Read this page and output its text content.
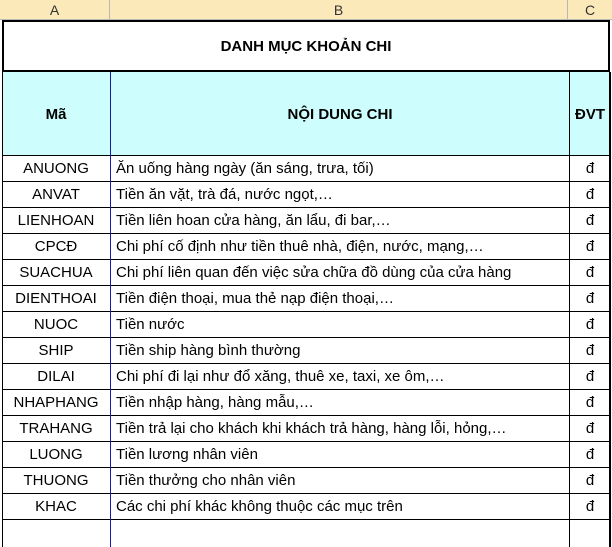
A	B	C
DANH MỤC KHOẢN CHI
Mã	NỘI DUNG CHI	ĐVT
ANUONG	Ăn uống hàng ngày (ăn sáng, trưa, tối)	đ
ANVAT	Tiền ăn vặt, trà đá, nước ngọt,…	đ
LIENHOAN	Tiền liên hoan cửa hàng, ăn lẩu, đi bar,…	đ
CPCĐ	Chi phí cố định như tiền thuê nhà, điện, nước, mạng,…	đ
SUACHUA	Chi phí liên quan đến việc sửa chữa đồ dùng của cửa hàng	đ
DIENTHOAI	Tiền điện thoại, mua thẻ nạp điện thoại,…	đ
NUOC	Tiền nước	đ
SHIP	Tiền ship hàng bình thường	đ
DILAI	Chi phí đi lại như đổ xăng, thuê xe, taxi, xe ôm,…	đ
NHAPHANG	Tiền nhập hàng, hàng mẫu,…	đ
TRAHANG	Tiền trả lại cho khách khi khách trả hàng, hàng lỗi, hỏng,…	đ
LUONG	Tiền lương nhân viên	đ
THUONG	Tiền thưởng cho nhân viên	đ
KHAC	Các chi phí khác không thuộc các mục trên	đ
